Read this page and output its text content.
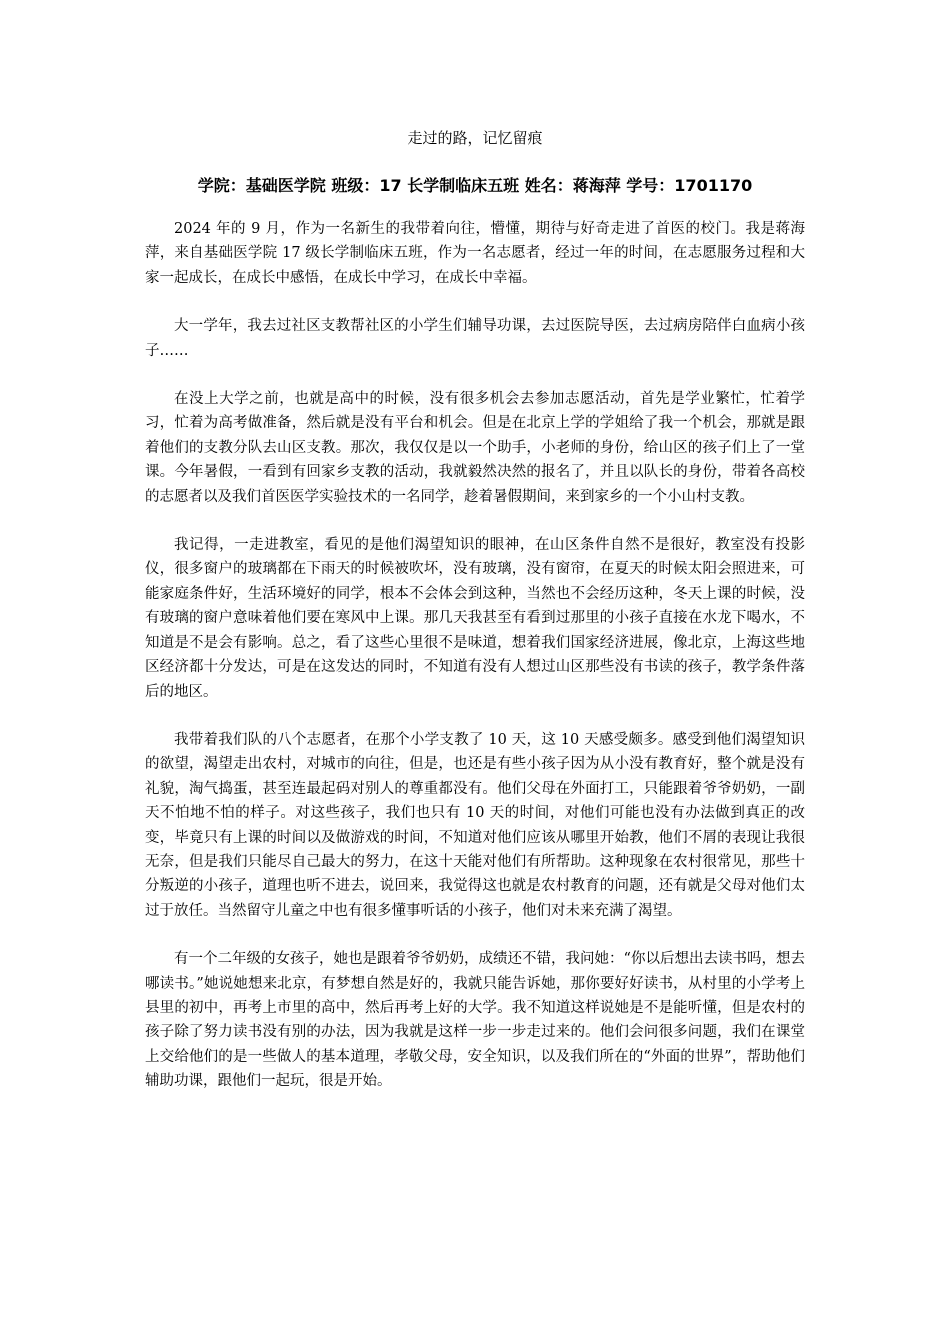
走过的路，记忆留痕
学院：基础医学院 班级：17 长学制临床五班 姓名：蒋海萍 学号：1701170

2024 年的 9 月，作为一名新生的我带着向往，懵懂，期待与好奇走进了首医的校门。我是蒋海萍，来自基础医学院 17 级长学制临床五班，作为一名志愿者，经过一年的时间，在志愿服务过程和大家一起成长，在成长中感悟，在成长中学习，在成长中幸福。

大一学年，我去过社区支教帮社区的小学生们辅导功课，去过医院导医，去过病房陪伴白血病小孩子……

在没上大学之前，也就是高中的时候，没有很多机会去参加志愿活动，首先是学业繁忙，忙着学习，忙着为高考做准备，然后就是没有平台和机会。但是在北京上学的学姐给了我一个机会，那就是跟着他们的支教分队去山区支教。那次，我仅仅是以一个助手，小老师的身份，给山区的孩子们上了一堂课。今年暑假，一看到有回家乡支教的活动，我就毅然决然的报名了，并且以队长的身份，带着各高校的志愿者以及我们首医医学实验技术的一名同学，趁着暑假期间，来到家乡的一个小山村支教。

我记得，一走进教室，看见的是他们渴望知识的眼神，在山区条件自然不是很好，教室没有投影仪，很多窗户的玻璃都在下雨天的时候被吹坏，没有玻璃，没有窗帘，在夏天的时候太阳会照进来，可能家庭条件好，生活环境好的同学，根本不会体会到这种，当然也不会经历这种，冬天上课的时候，没有玻璃的窗户意味着他们要在寒风中上课。那几天我甚至有看到过那里的小孩子直接在水龙下喝水，不知道是不是会有影响。总之，看了这些心里很不是味道，想着我们国家经济进展，像北京，上海这些地区经济都十分发达，可是在这发达的同时，不知道有没有人想过山区那些没有书读的孩子，教学条件落后的地区。

我带着我们队的八个志愿者，在那个小学支教了 10 天，这 10 天感受颇多。感受到他们渴望知识的欲望，渴望走出农村，对城市的向往，但是，也还是有些小孩子因为从小没有教育好，整个就是没有礼貌，淘气捣蛋，甚至连最起码对别人的尊重都没有。他们父母在外面打工，只能跟着爷爷奶奶，一副天不怕地不怕的样子。对这些孩子，我们也只有 10 天的时间，对他们可能也没有办法做到真正的改变，毕竟只有上课的时间以及做游戏的时间，不知道对他们应该从哪里开始教，他们不屑的表现让我很无奈，但是我们只能尽自己最大的努力，在这十天能对他们有所帮助。这种现象在农村很常见，那些十分叛逆的小孩子，道理也听不进去，说回来，我觉得这也就是农村教育的问题，还有就是父母对他们太过于放任。当然留守儿童之中也有很多懂事听话的小孩子，他们对未来充满了渴望。

有一个二年级的女孩子，她也是跟着爷爷奶奶，成绩还不错，我问她：“你以后想出去读书吗，想去哪读书。”她说她想来北京，有梦想自然是好的，我就只能告诉她，那你要好好读书，从村里的小学考上县里的初中，再考上市里的高中，然后再考上好的大学。我不知道这样说她是不是能听懂，但是农村的孩子除了努力读书没有别的办法，因为我就是这样一步一步走过来的。他们会问很多问题，我们在课堂上交给他们的是一些做人的基本道理，孝敬父母，安全知识，以及我们所在的“外面的世界”，帮助他们辅助功课，跟他们一起玩，很是开始。
